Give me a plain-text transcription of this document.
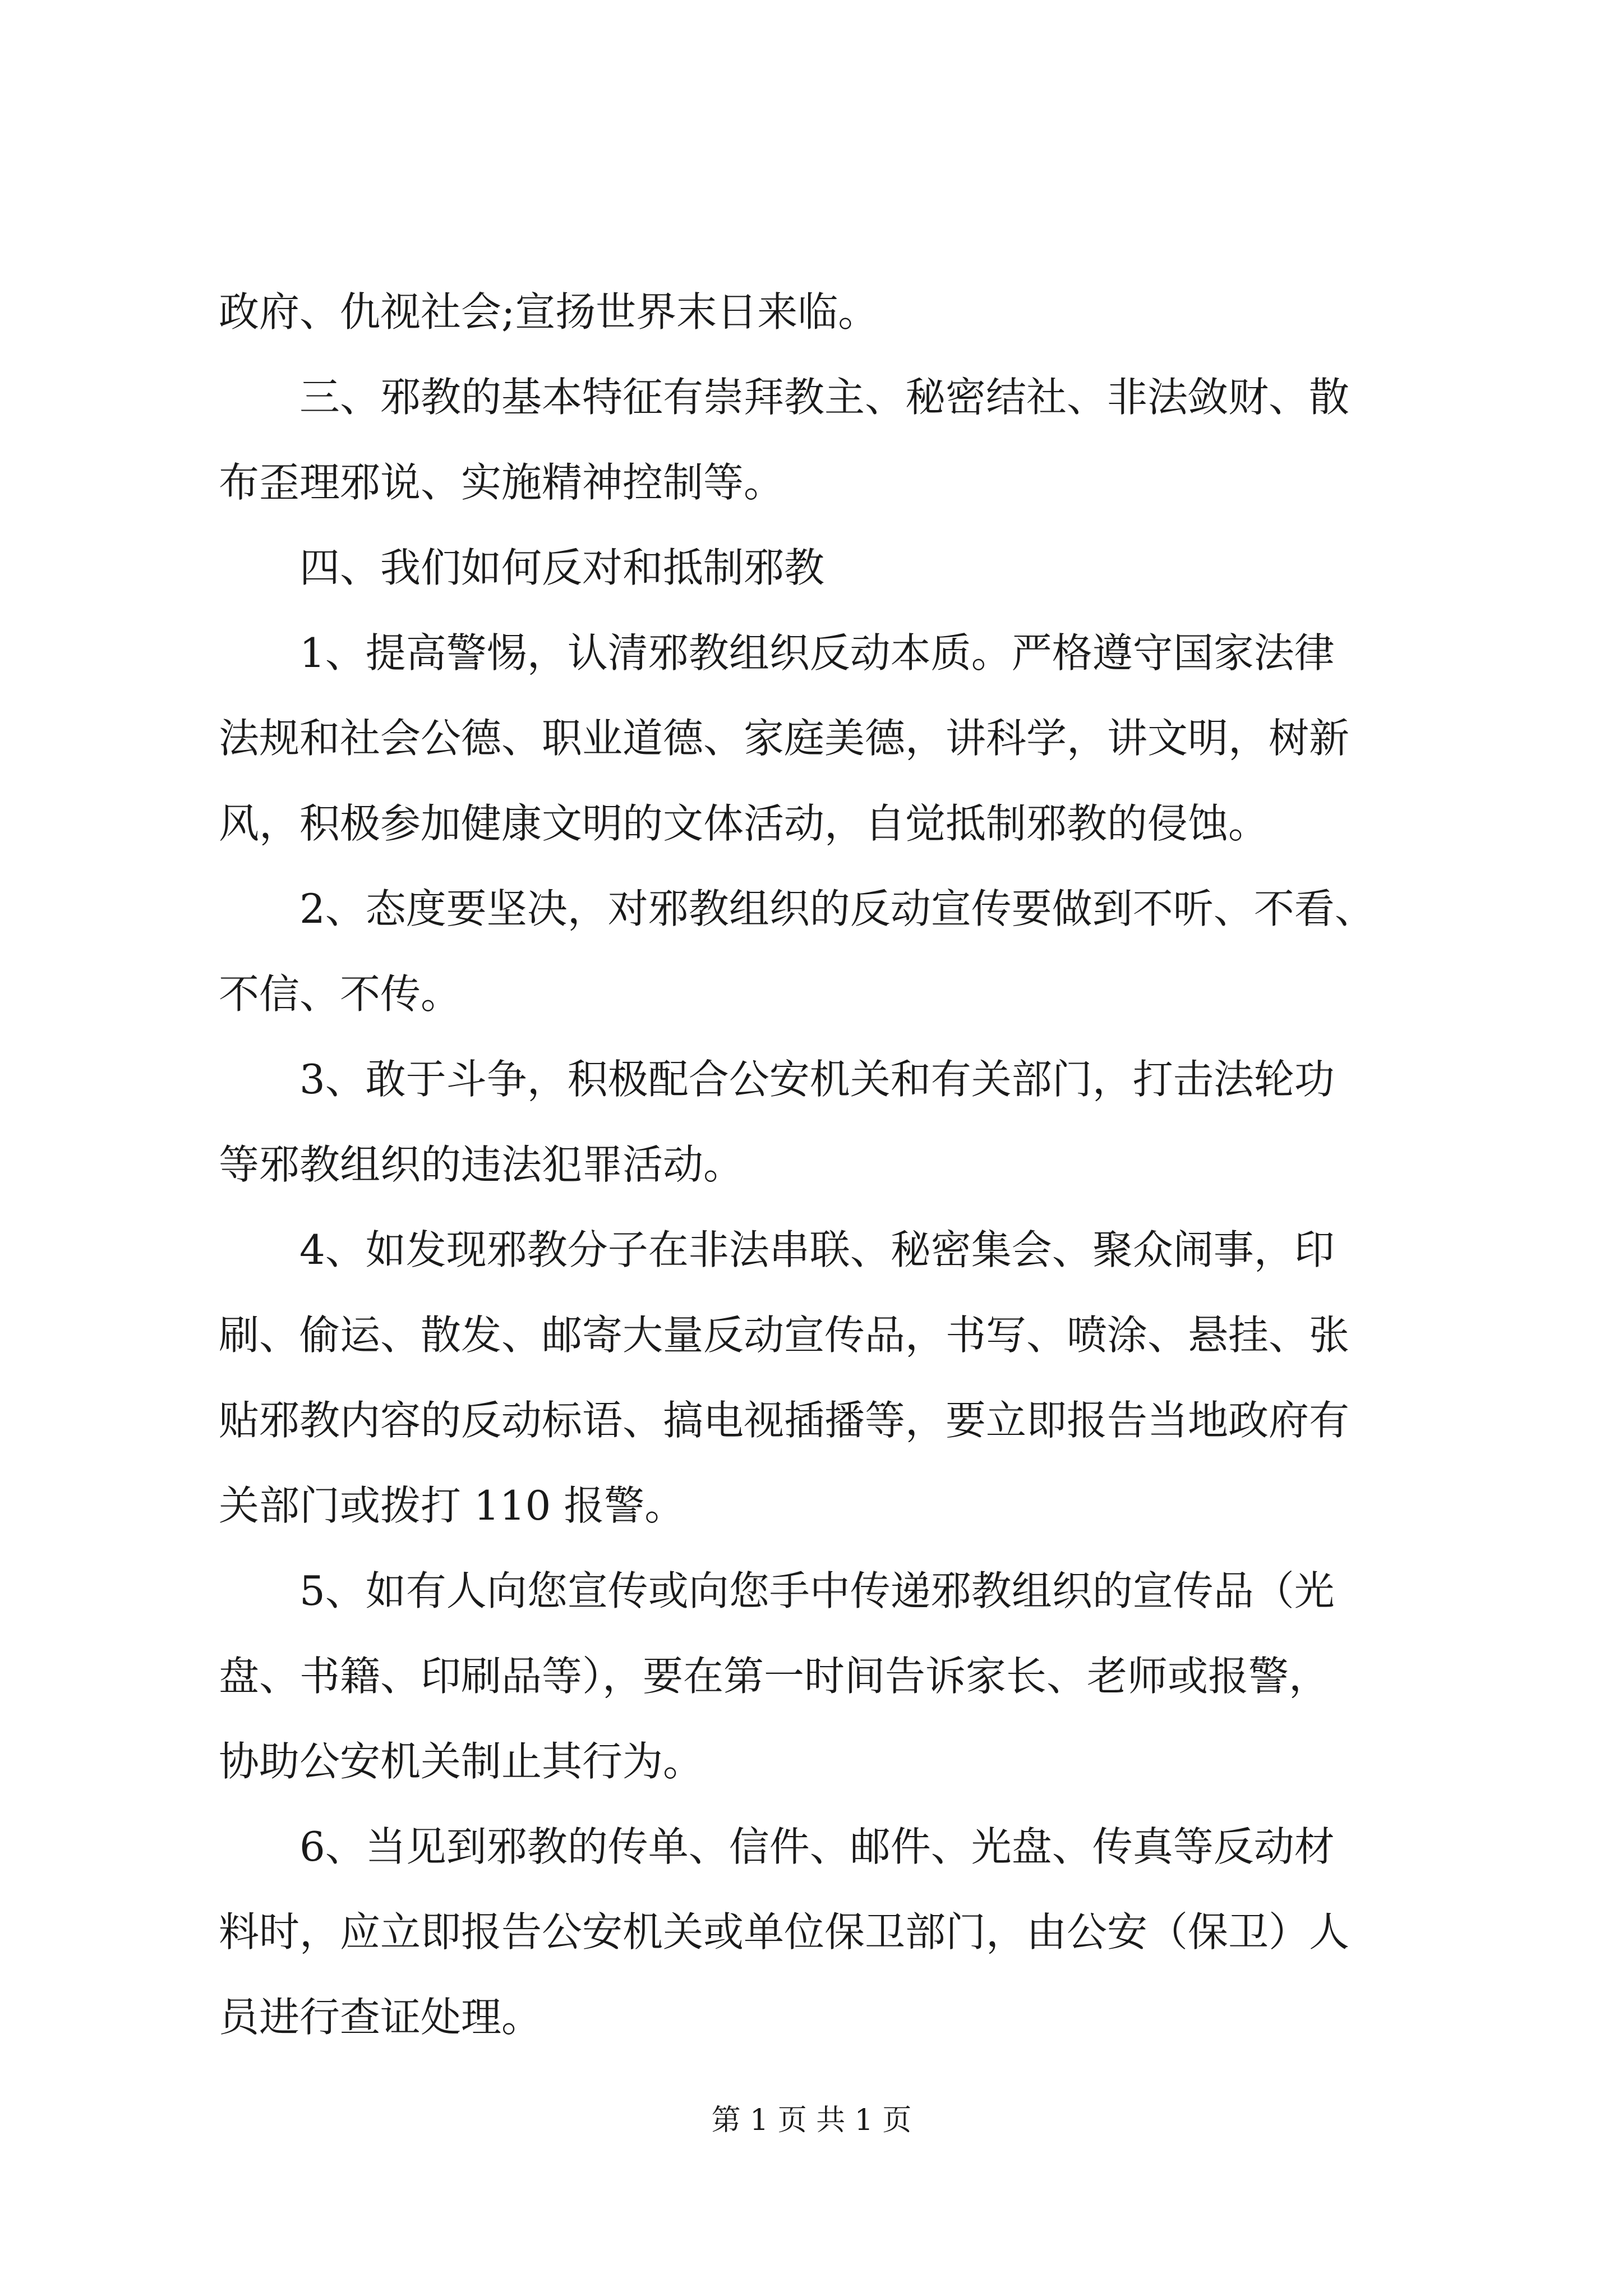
政府、仇视社会;宣扬世界末日来临。
三、邪教的基本特征有崇拜教主、秘密结社、非法敛财、散
布歪理邪说、实施精神控制等。
四、我们如何反对和抵制邪教
1、提高警惕，认清邪教组织反动本质。严格遵守国家法律
法规和社会公德、职业道德、家庭美德，讲科学，讲文明，树新
风，积极参加健康文明的文体活动，自觉抵制邪教的侵蚀。
2、态度要坚决，对邪教组织的反动宣传要做到不听、不看、
不信、不传。
3、敢于斗争，积极配合公安机关和有关部门，打击法轮功
等邪教组织的违法犯罪活动。
4、如发现邪教分子在非法串联、秘密集会、聚众闹事，印
刷、偷运、散发、邮寄大量反动宣传品，书写、喷涂、悬挂、张
贴邪教内容的反动标语、搞电视插播等，要立即报告当地政府有
关部门或拨打 110 报警。
5、如有人向您宣传或向您手中传递邪教组织的宣传品（光
盘、书籍、印刷品等），要在第一时间告诉家长、老师或报警，
协助公安机关制止其行为。
6、当见到邪教的传单、信件、邮件、光盘、传真等反动材
料时，应立即报告公安机关或单位保卫部门，由公安（保卫）人
员进行查证处理。
第 1 页 共 1 页
